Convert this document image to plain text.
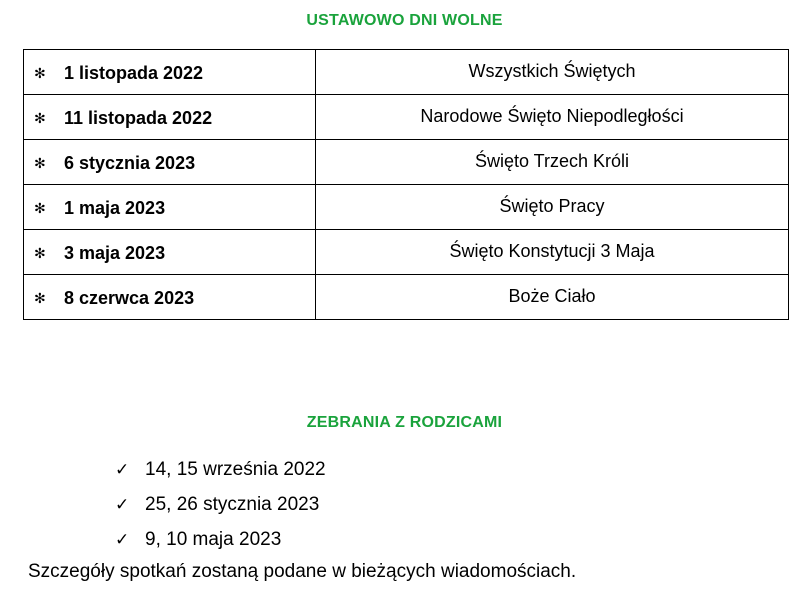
USTAWOWO DNI WOLNE
✻ 1 listopada 2022	Wszystkich Świętych

✻ 11 listopada 2022	Narodowe Święto Niepodległości

✻ 6 stycznia 2023	Święto Trzech Króli

✻ 1 maja 2023	Święto Pracy

✻ 3 maja 2023	Święto Konstytucji 3 Maja

✻ 8 czerwca 2023	Boże Ciało
ZEBRANIA Z RODZICAMI
✓ 14, 15 września 2022
✓ 25, 26 stycznia 2023
✓ 9, 10 maja 2023
Szczegóły spotkań zostaną podane w bieżących wiadomościach.
